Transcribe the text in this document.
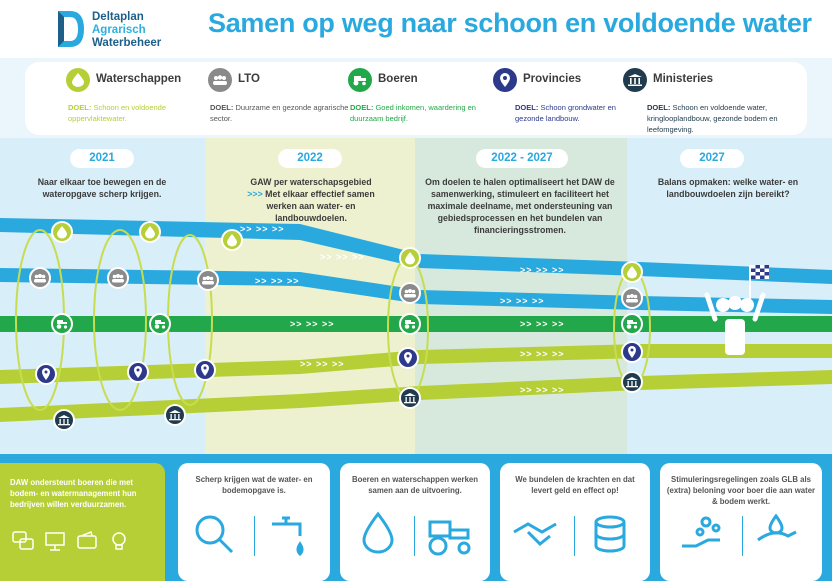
Deltaplan
Agrarisch
Waterbeheer
Samen op weg naar schoon en voldoende water
Waterschappen
DOEL: Schoon en voldoende oppervlaktewater.
LTO
DOEL: Duurzame en gezonde agrarische sector.
Boeren
DOEL: Goed inkomen, waardering en duurzaam bedrijf.
Provincies
DOEL: Schoon grondwater en gezonde landbouw.
Ministeries
DOEL: Schoon en voldoende water, kringlooplandbouw, gezonde bodem en leefomgeving.
>> >> >>
>> >> >>
>> >> >>
>> >> >>
>> >> >>
>> >> >>	>> >> >>
>> >> >>
>> >> >>
>> >> >>
2021	2022	2022 - 2027	2027
Naar elkaar toe bewegen en de wateropgave scherp krijgen.
GAW per waterschapsgebied
>>> Met elkaar effectief samen werken aan water- en landbouwdoelen.
Om doelen te halen optimaliseert het DAW de samenwerking, stimuleert en faciliteert het maximale deelname, met ondersteuning van gebiedsprocessen en het bundelen van financieringsstromen.
Balans opmaken: welke water- en landbouwdoelen zijn bereikt?
DAW ondersteunt boeren die met bodem- en watermanagement hun bedrijven willen verduurzamen.
Scherp krijgen wat de water- en bodemopgave is.
Boeren en waterschappen werken samen aan de uitvoering.
We bundelen de krachten en dat levert geld en effect op!
Stimuleringsregelingen zoals GLB als (extra) beloning voor boer die aan water & bodem werkt.
